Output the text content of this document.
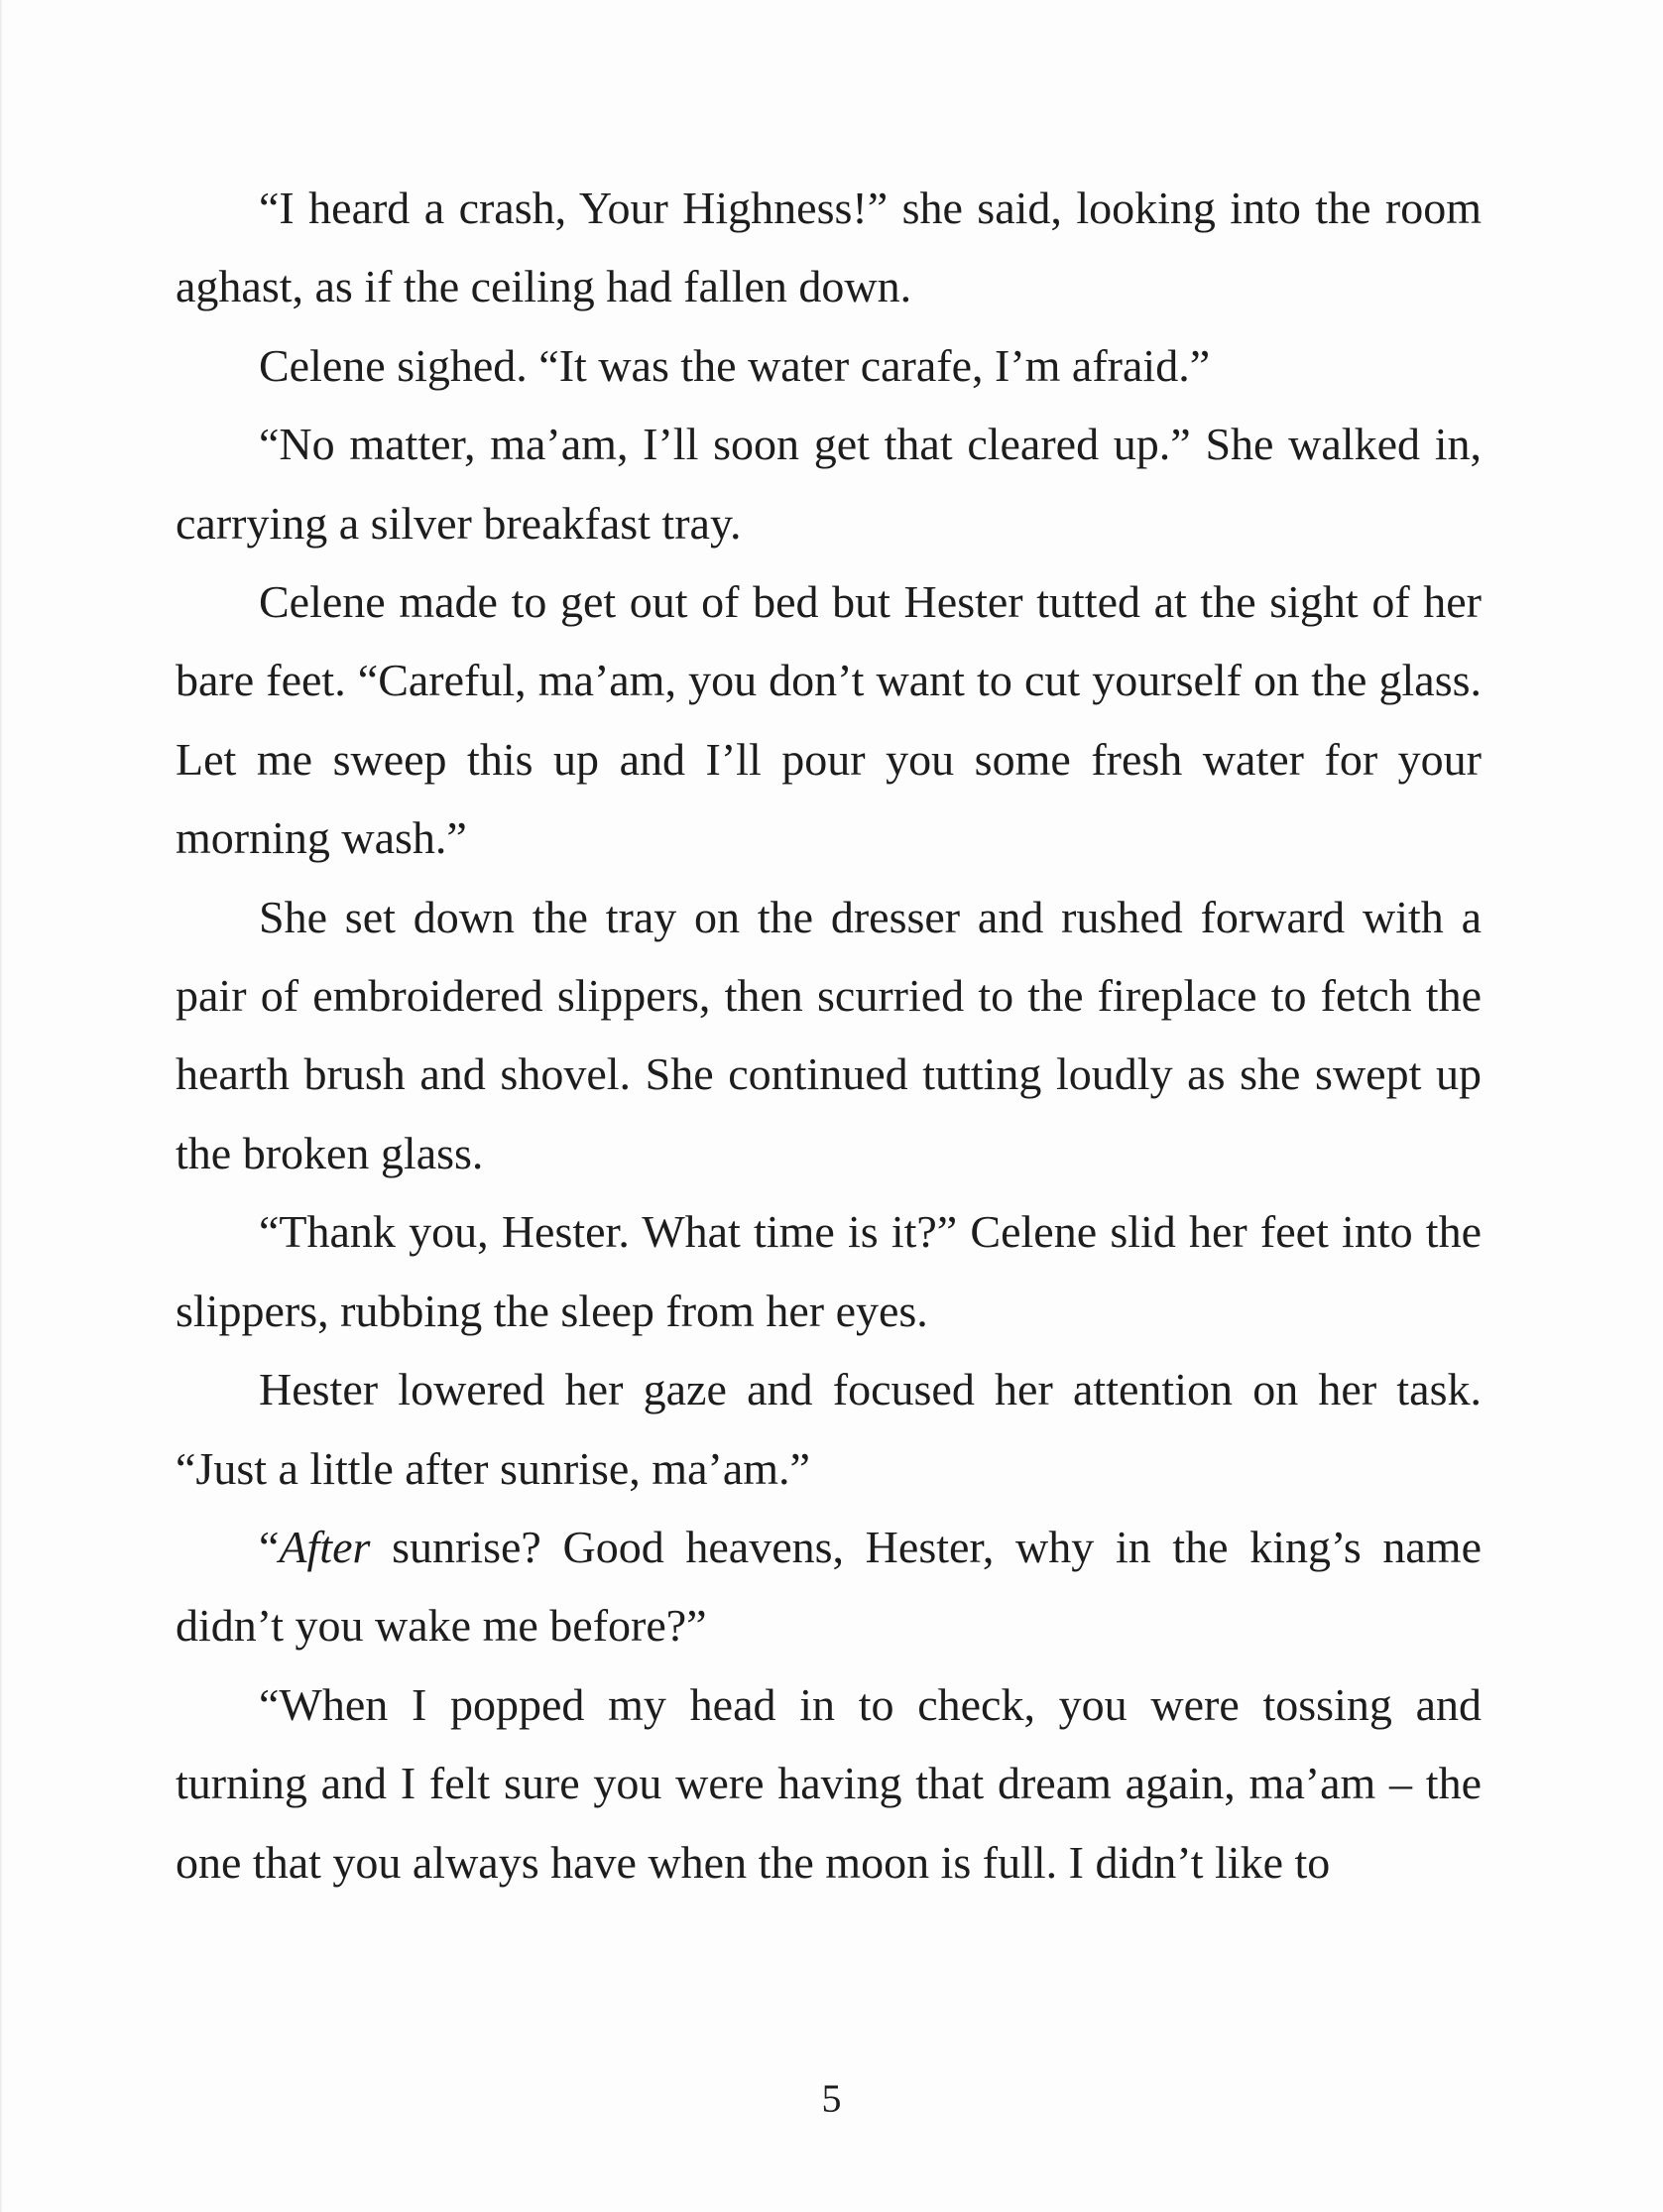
“I heard a crash, Your Highness!” she said, looking into the room aghast, as if the ceiling had fallen down.

Celene sighed. “It was the water carafe, I’m afraid.”

“No matter, ma’am, I’ll soon get that cleared up.” She walked in, carrying a silver breakfast tray.

Celene made to get out of bed but Hester tutted at the sight of her bare feet. “Careful, ma’am, you don’t want to cut yourself on the glass. Let me sweep this up and I’ll pour you some fresh water for your morning wash.”

She set down the tray on the dresser and rushed forward with a pair of embroidered slippers, then scurried to the fireplace to fetch the hearth brush and shovel. She continued tutting loudly as she swept up the broken glass.

“Thank you, Hester. What time is it?” Celene slid her feet into the slippers, rubbing the sleep from her eyes.

Hester lowered her gaze and focused her attention on her task. “Just a little after sunrise, ma’am.”

“After sunrise? Good heavens, Hester, why in the king’s name didn’t you wake me before?”

“When I popped my head in to check, you were tossing and turning and I felt sure you were having that dream again, ma’am – the one that you always have when the moon is full. I didn’t like to

5
